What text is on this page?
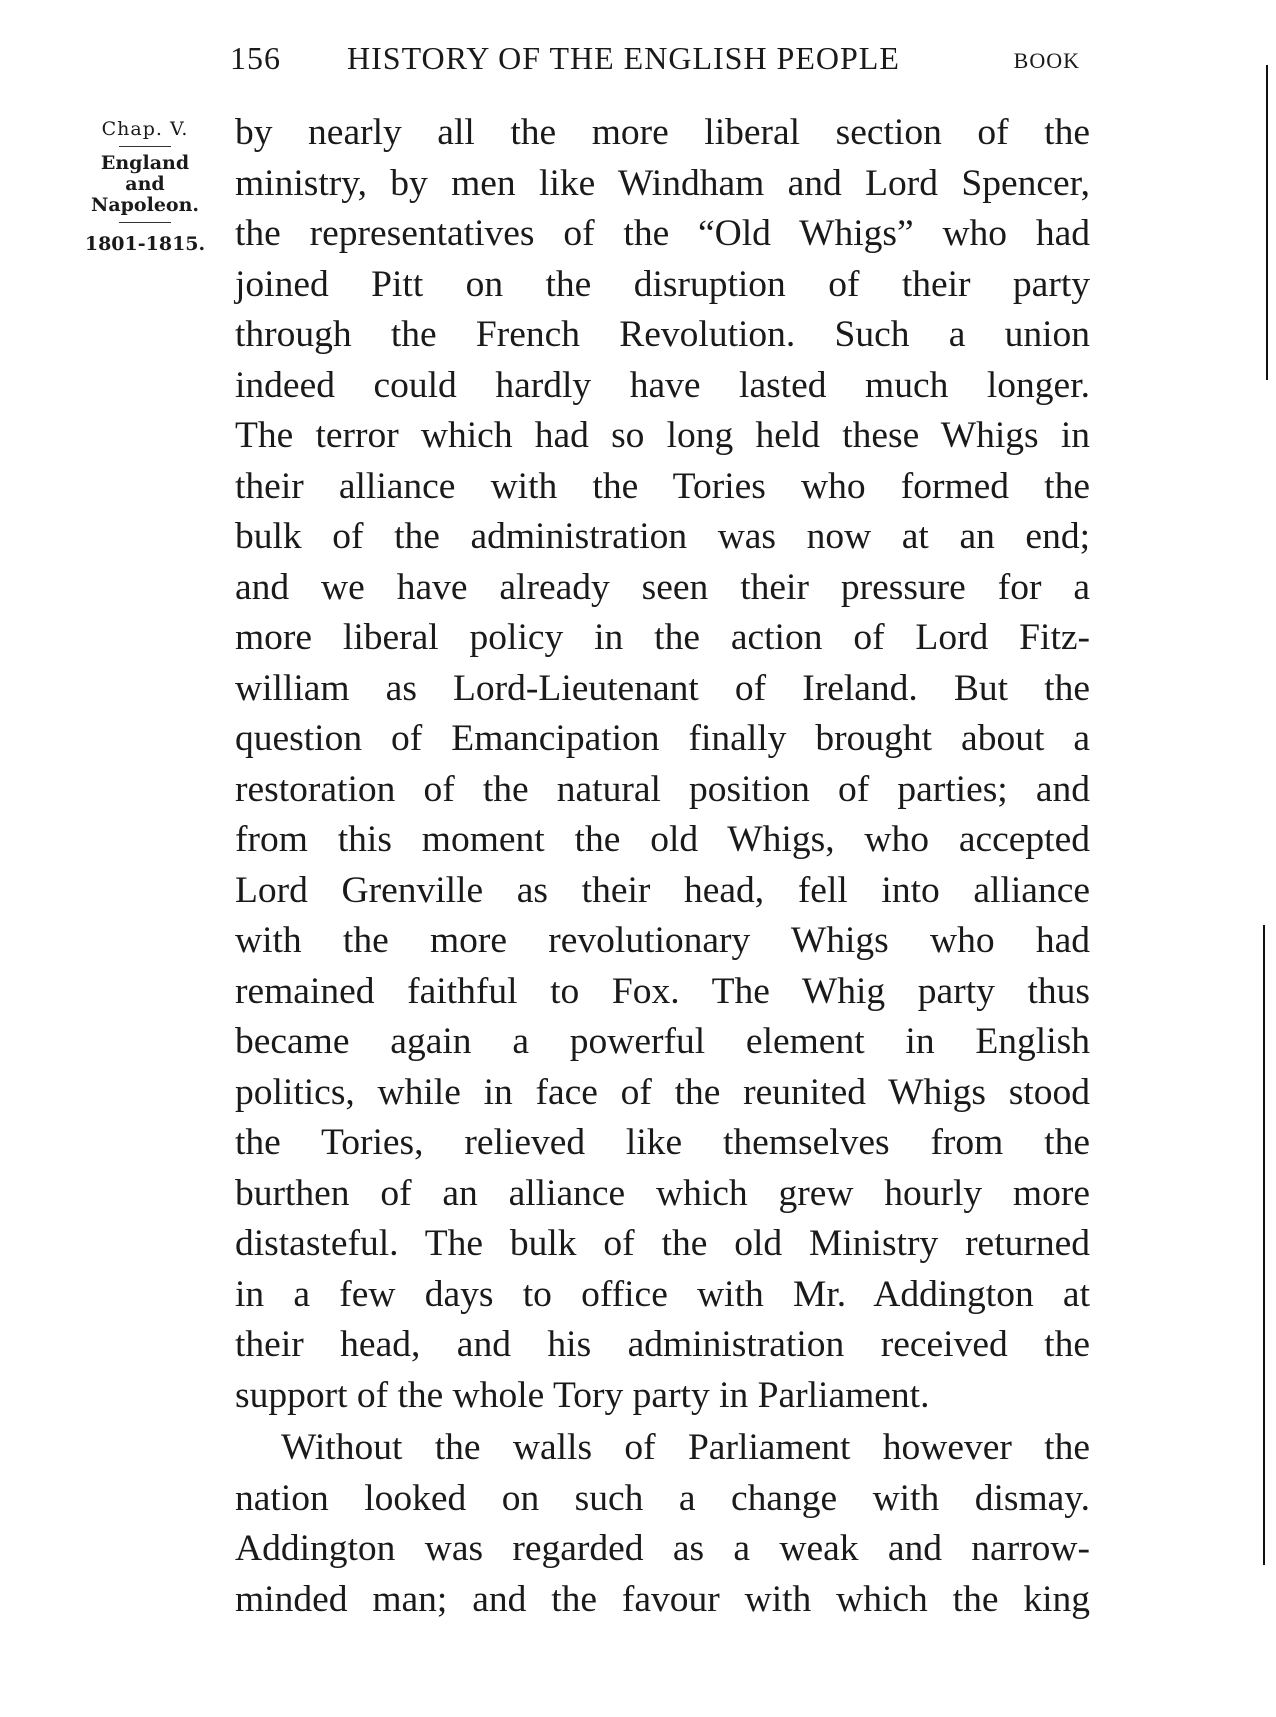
156 HISTORY OF THE ENGLISH PEOPLE	BOOK
Chap. V.
England
and
Napoleon.
1801-1815.
by nearly all the more liberal section of the
ministry, by men like Windham and Lord Spencer,
the representatives of the “Old Whigs” who had
joined Pitt on the disruption of their party
through the French Revolution. Such a union
indeed could hardly have lasted much longer.
The terror which had so long held these Whigs in
their alliance with the Tories who formed the
bulk of the administration was now at an end;
and we have already seen their pressure for a
more liberal policy in the action of Lord Fitz-
william as Lord-Lieutenant of Ireland. But the
question of Emancipation finally brought about a
restoration of the natural position of parties; and
from this moment the old Whigs, who accepted
Lord Grenville as their head, fell into alliance
with the more revolutionary Whigs who had
remained faithful to Fox. The Whig party thus
became again a powerful element in English
politics, while in face of the reunited Whigs stood
the Tories, relieved like themselves from the
burthen of an alliance which grew hourly more
distasteful. The bulk of the old Ministry returned
in a few days to office with Mr. Addington at
their head, and his administration received the
support of the whole Tory party in Parliament.
Without the walls of Parliament however the
nation looked on such a change with dismay.
Addington was regarded as a weak and narrow-
minded man; and the favour with which the king
